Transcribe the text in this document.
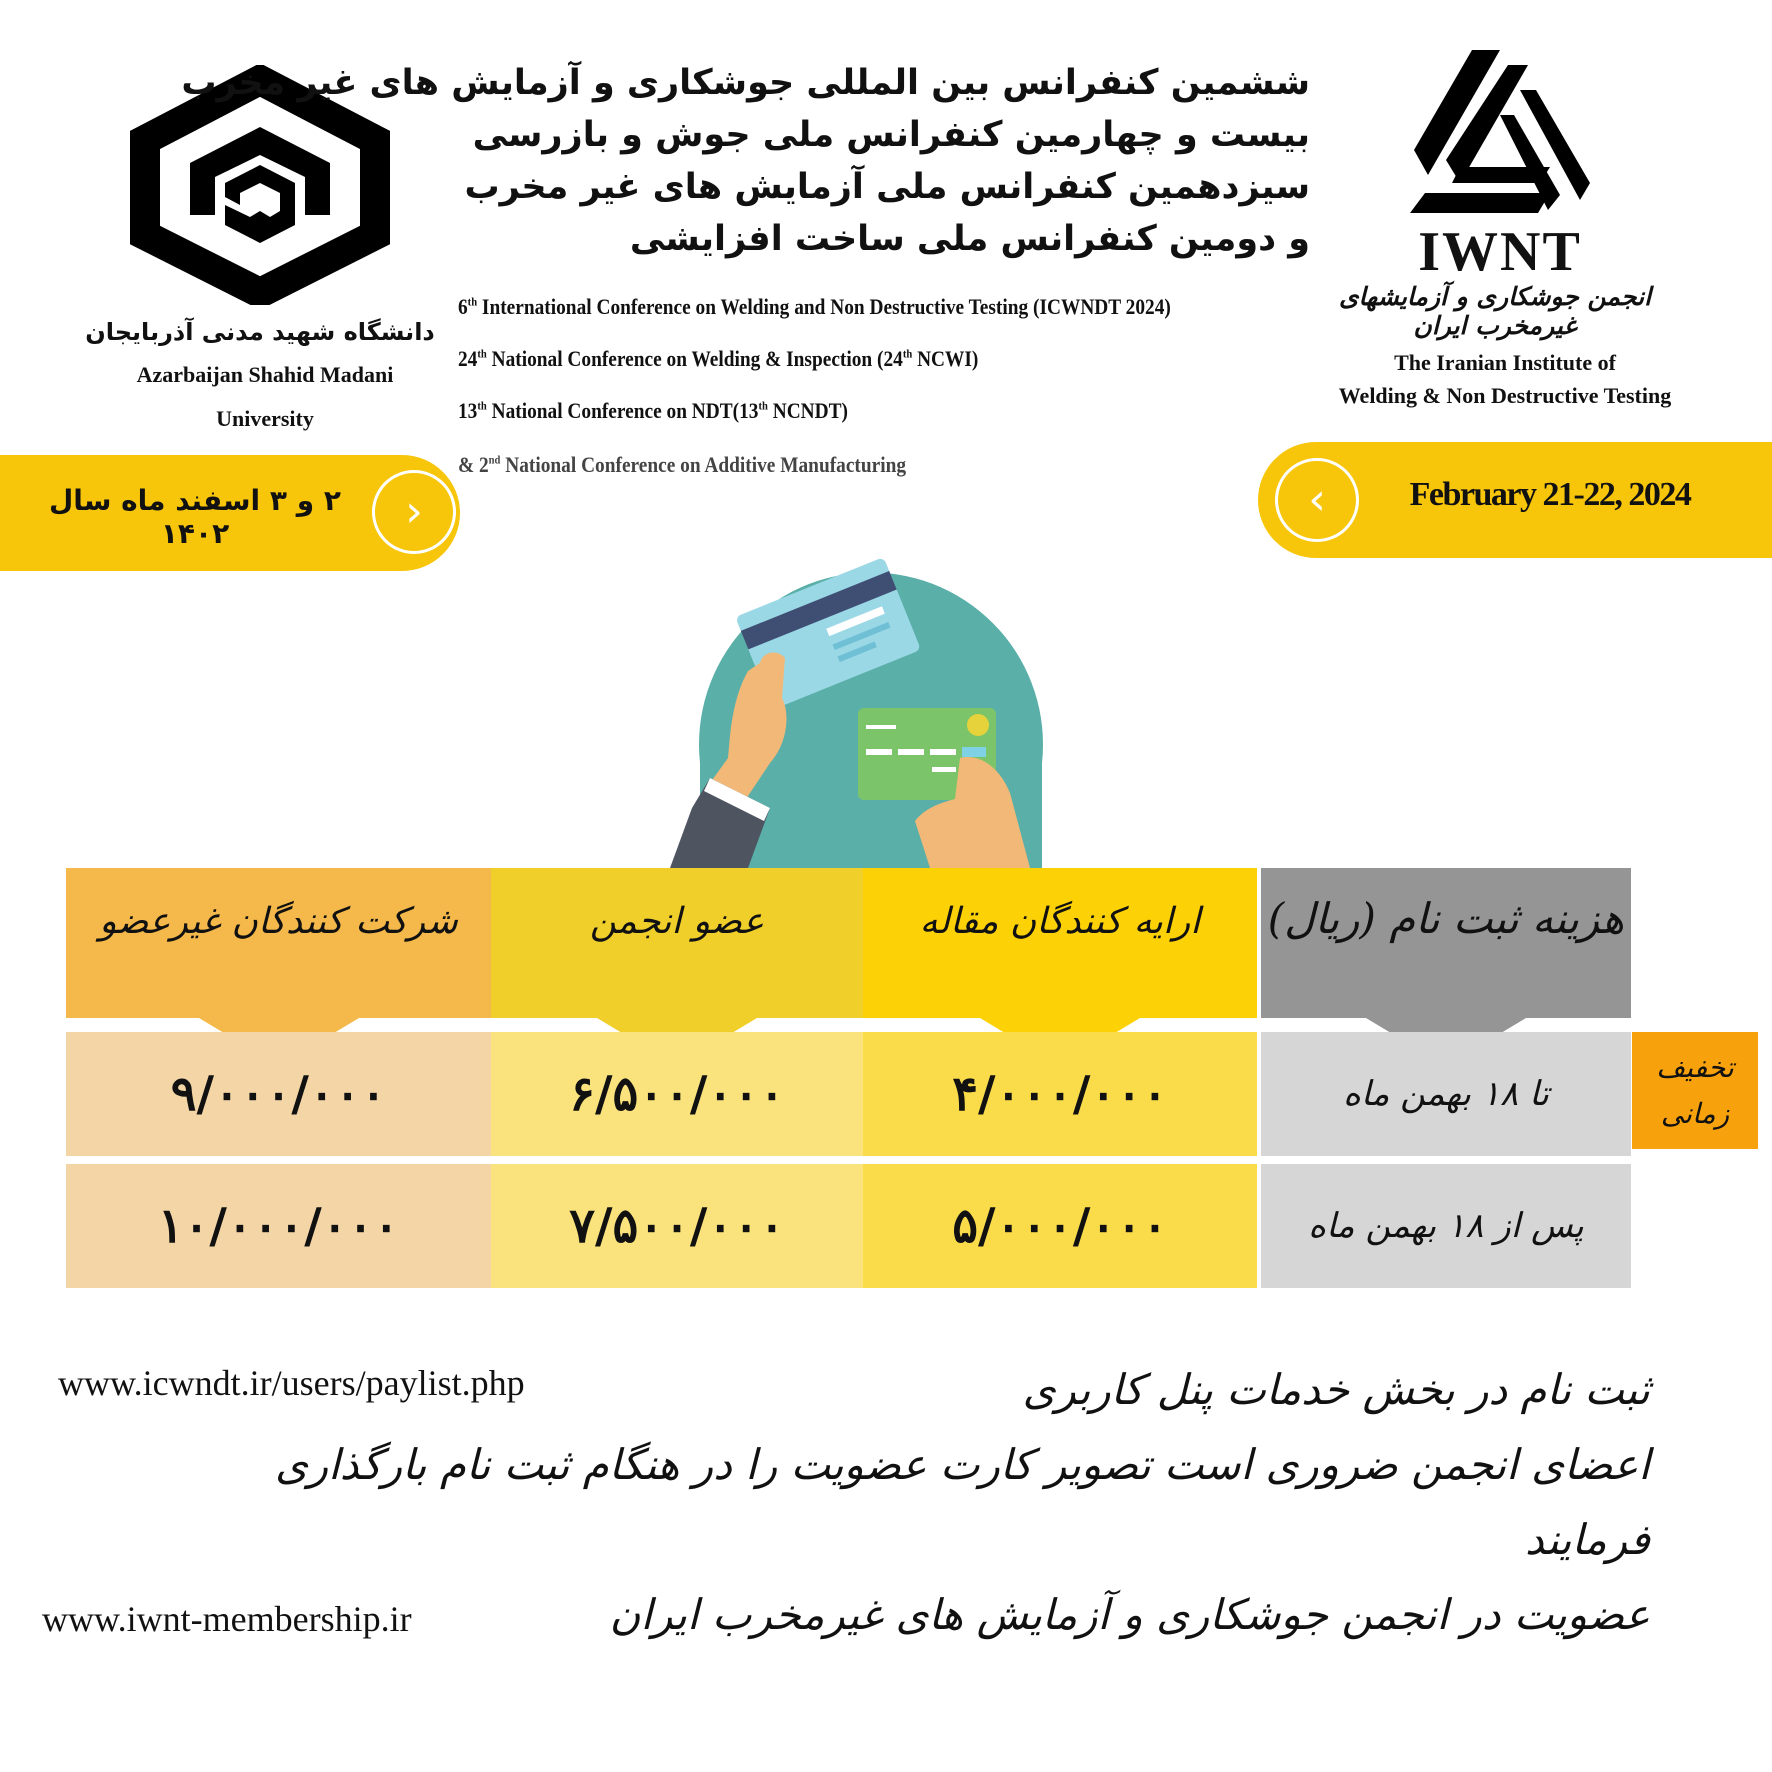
دانشگاه شهید مدنی آذربایجان
Azarbaijan Shahid Madani
University
ششمین کنفرانس بین المللی جوشکاری و آزمایش های غیر مخرب
بیست و چهارمین کنفرانس ملی جوش و بازرسی
سیزدهمین کنفرانس ملی آزمایش های غیر مخرب
و دومین کنفرانس ملی ساخت افزایشی
6th International Conference on Welding and Non Destructive Testing (ICWNDT 2024)
24th National Conference on Welding & Inspection (24th NCWI)
13th National Conference on NDT(13th NCNDT)
& 2nd National Conference on Additive Manufacturing
IWNT
انجمن جوشکاری و آزمایشهای غیرمخرب ایران
The Iranian Institute of
Welding & Non Destructive Testing
۲ و ۳ اسفند ماه سال ۱۴۰۲	›	‹	February 21-22, 2024
شرکت کنندگان غیرعضو	عضو انجمن	ارایه کنندگان مقاله	هزینه ثبت نام (ریال)
۹/۰۰۰/۰۰۰	۶/۵۰۰/۰۰۰	۴/۰۰۰/۰۰۰	تا ۱۸ بهمن ماه
تخفیف زمانی
۱۰/۰۰۰/۰۰۰	۷/۵۰۰/۰۰۰	۵/۰۰۰/۰۰۰	پس از ۱۸ بهمن ماه
www.icwndt.ir/users/paylist.php	ثبت نام در بخش خدمات پنل کاربری
اعضای انجمن ضروری است تصویر کارت عضویت را در هنگام ثبت نام بارگذاری
فرمایند
www.iwnt-membership.ir	عضویت در انجمن جوشکاری و آزمایش های غیرمخرب ایران
